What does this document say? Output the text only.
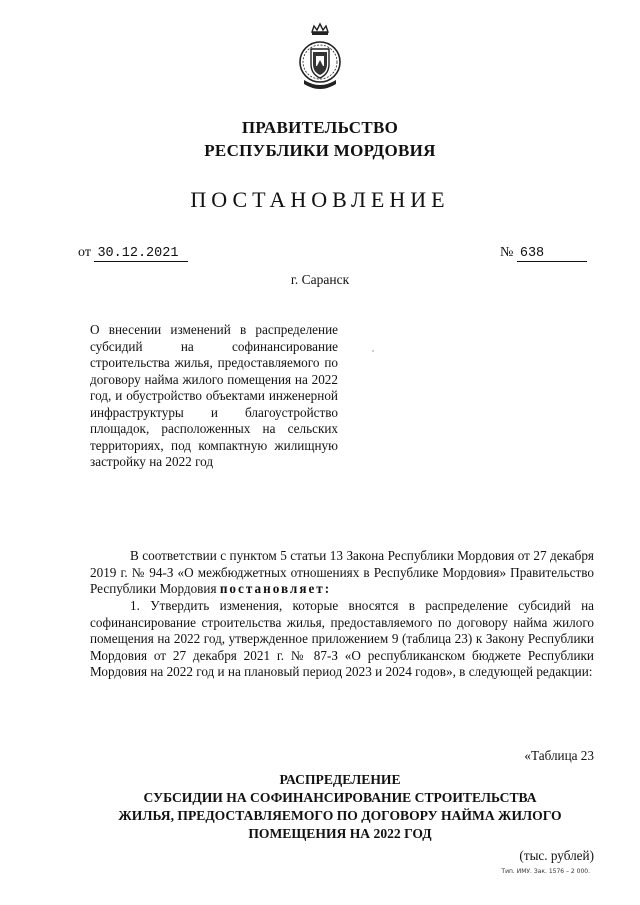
ПРАВИТЕЛЬСТВО
РЕСПУБЛИКИ МОРДОВИЯ
ПОСТАНОВЛЕНИЕ
от 30.12.2021	№ 638
г. Саранск
О внесении изменений в распределение субсидий на софинансирование строительства жилья, предоставляемого по договору найма жилого помещения на 2022 год, и обустройство объектами инженерной инфраструктуры и благоустройство площадок, расположенных на сельских территориях, под компактную жилищную застройку на 2022 год
В соответствии с пунктом 5 статьи 13 Закона Республики Мордовия от 27 декабря 2019 г. № 94-З «О межбюджетных отношениях в Республике Мордовия» Правительство Республики Мордовия постановляет:
1. Утвердить изменения, которые вносятся в распределение субсидий на софинансирование строительства жилья, предоставляемого по договору найма жилого помещения на 2022 год, утвержденное приложением 9 (таблица 23) к Закону Республики Мордовия от 27 декабря 2021 г. № 87-З «О республиканском бюджете Республики Мордовия на 2022 год и на плановый период 2023 и 2024 годов», в следующей редакции:
«Таблица 23
РАСПРЕДЕЛЕНИЕ
СУБСИДИИ НА СОФИНАНСИРОВАНИЕ СТРОИТЕЛЬСТВА
ЖИЛЬЯ, ПРЕДОСТАВЛЯЕМОГО ПО ДОГОВОРУ НАЙМА ЖИЛОГО
ПОМЕЩЕНИЯ НА 2022 ГОД
(тыс. рублей)
Тип. ИМУ. Зак. 1576 – 2 000.
